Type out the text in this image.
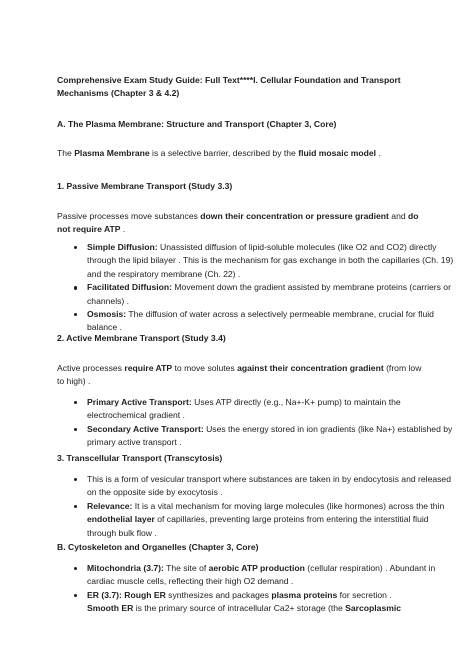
Comprehensive Exam Study Guide: Full Text****I. Cellular Foundation and Transport Mechanisms (Chapter 3 & 4.2)
A. The Plasma Membrane: Structure and Transport (Chapter 3, Core)
The Plasma Membrane is a selective barrier, described by the fluid mosaic model .
1. Passive Membrane Transport (Study 3.3)
Passive processes move substances down their concentration or pressure gradient and do not require ATP .
Simple Diffusion: Unassisted diffusion of lipid-soluble molecules (like O2 and CO2) directly through the lipid bilayer . This is the mechanism for gas exchange in both the capillaries (Ch. 19) and the respiratory membrane (Ch. 22) .
Facilitated Diffusion: Movement down the gradient assisted by membrane proteins (carriers or channels) .
Osmosis: The diffusion of water across a selectively permeable membrane, crucial for fluid balance .
2. Active Membrane Transport (Study 3.4)
Active processes require ATP to move solutes against their concentration gradient (from low to high) .
Primary Active Transport: Uses ATP directly (e.g., Na+-K+ pump) to maintain the electrochemical gradient .
Secondary Active Transport: Uses the energy stored in ion gradients (like Na+) established by primary active transport .
3. Transcellular Transport (Transcytosis)
This is a form of vesicular transport where substances are taken in by endocytosis and released on the opposite side by exocytosis .
Relevance: It is a vital mechanism for moving large molecules (like hormones) across the thin endothelial layer of capillaries, preventing large proteins from entering the interstitial fluid through bulk flow .
B. Cytoskeleton and Organelles (Chapter 3, Core)
Mitochondria (3.7): The site of aerobic ATP production (cellular respiration) . Abundant in cardiac muscle cells, reflecting their high O2 demand .
ER (3.7): Rough ER synthesizes and packages plasma proteins for secretion .
Smooth ER is the primary source of intracellular Ca2+ storage (the Sarcoplasmic
